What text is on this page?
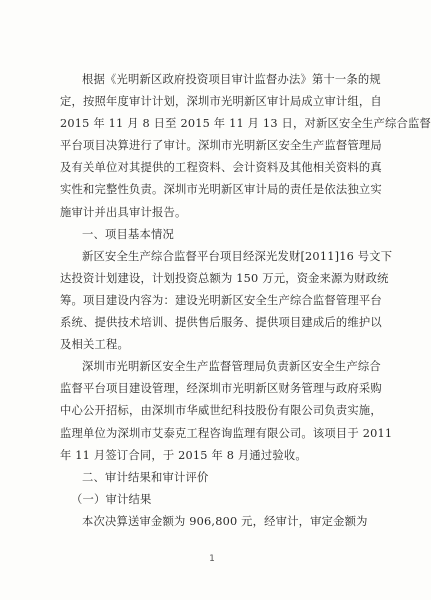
根据《光明新区政府投资项目审计监督办法》第十一条的规
定，按照年度审计计划，深圳市光明新区审计局成立审计组，自
2015 年 11 月 8 日至 2015 年 11 月 13 日，对新区安全生产综合监督
平台项目决算进行了审计。深圳市光明新区安全生产监督管理局
及有关单位对其提供的工程资料、会计资料及其他相关资料的真
实性和完整性负责。深圳市光明新区审计局的责任是依法独立实
施审计并出具审计报告。
一、项目基本情况
新区安全生产综合监督平台项目经深光发财[2011]16 号文下
达投资计划建设，计划投资总额为 150 万元，资金来源为财政统
筹。项目建设内容为：建设光明新区安全生产综合监督管理平台
系统、提供技术培训、提供售后服务、提供项目建成后的维护以
及相关工程。
深圳市光明新区安全生产监督管理局负责新区安全生产综合
监督平台项目建设管理，经深圳市光明新区财务管理与政府采购
中心公开招标，由深圳市华威世纪科技股份有限公司负责实施，
监理单位为深圳市艾泰克工程咨询监理有限公司。该项目于 2011
年 11 月签订合同，于 2015 年 8 月通过验收。
二、审计结果和审计评价
（一）审计结果
本次决算送审金额为 906,800 元，经审计，审定金额为
1
